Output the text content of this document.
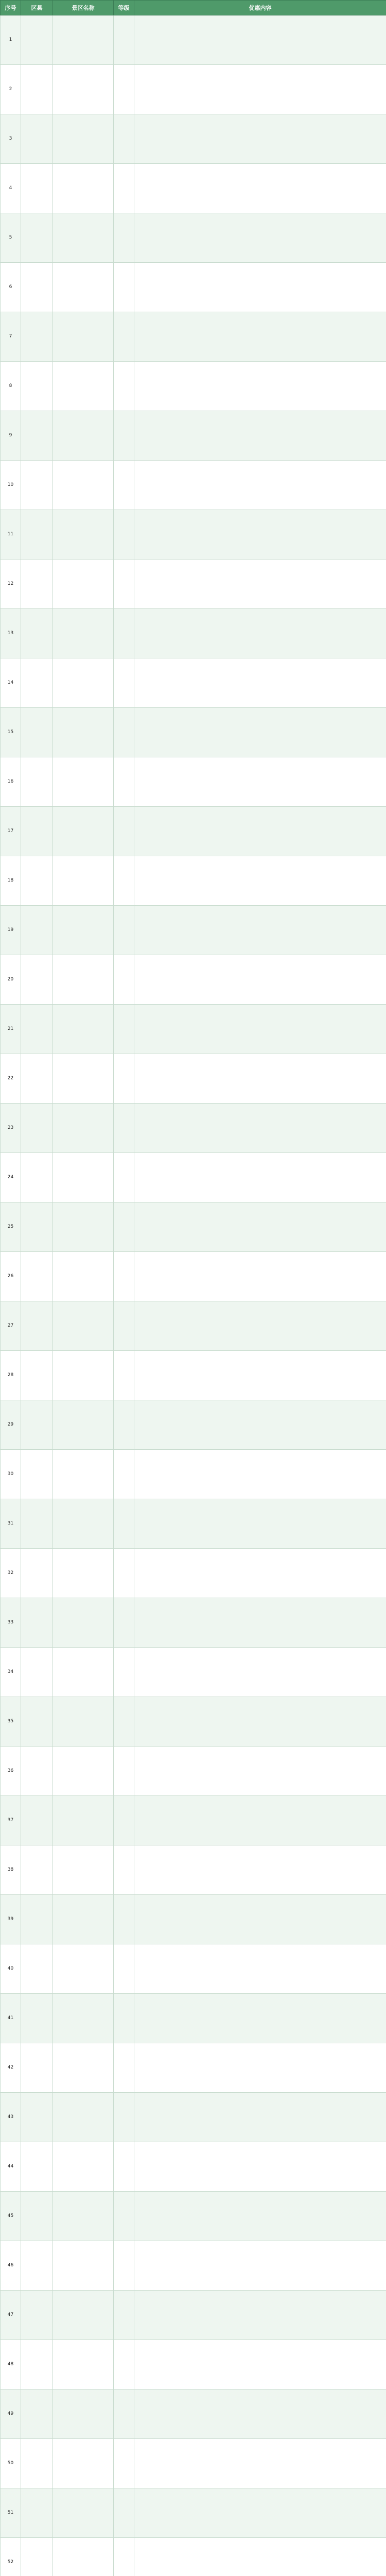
序号	区县	景区名称	等级	优惠内容
1				
2				
3				
4				
5				
6				
7				
8				
9				
10				
11				
12				
13				
14				
15				
16				
17				
18				
19				
20				
21				
22				
23				
24				
25				
26				
27				
28				
29				
30				
31				
32				
33				
34				
35				
36				
37				
38				
39				
40				
41				
42				
43				
44				
45				
46				
47				
48				
49				
50				
51				
52				
